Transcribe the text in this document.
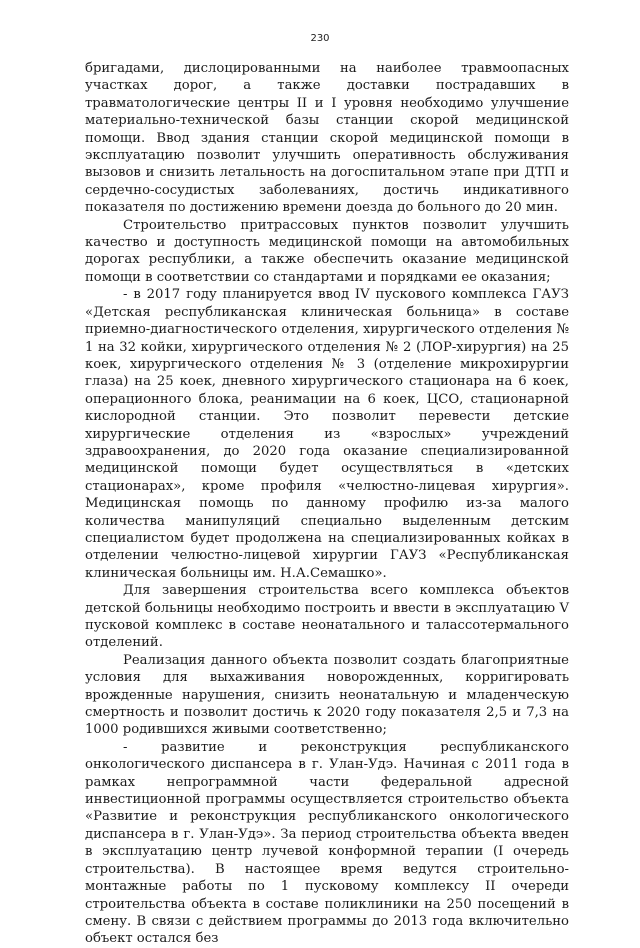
230

бригадами, дислоцированными на наиболее травмоопасных участках дорог, а также доставки пострадавших в травматологические центры II и I уровня необходимо улучшение материально-технической базы станции скорой медицинской помощи. Ввод здания станции скорой медицинской помощи в эксплуатацию позволит улучшить оперативность обслуживания вызовов и снизить летальность на догоспитальном этапе при ДТП и сердечно-сосудистых заболеваниях, достичь индикативного показателя по достижению времени доезда до больного до 20 мин.

Строительство притрассовых пунктов позволит улучшить качество и доступность медицинской помощи на автомобильных дорогах республики, а также обеспечить оказание медицинской помощи в соответствии со стандартами и порядками ее оказания;

- в 2017 году планируется ввод IV пускового комплекса ГАУЗ «Детская республиканская клиническая больница» в составе приемно-диагностического отделения, хирургического отделения № 1 на 32 койки, хирургического отделения № 2 (ЛОР-хирургия) на 25 коек, хирургического отделения № 3 (отделение микрохирургии глаза) на 25 коек, дневного хирургического стационара на 6 коек, операционного блока, реанимации на 6 коек, ЦСО, стационарной кислородной станции. Это позволит перевести детские хирургические отделения из «взрослых» учреждений здравоохранения, до 2020 года оказание специализированной медицинской помощи будет осуществляться в «детских стационарах», кроме профиля «челюстно-лицевая хирургия». Медицинская помощь по данному профилю из-за малого количества манипуляций специально выделенным детским специалистом будет продолжена на специализированных койках в отделении челюстно-лицевой хирургии ГАУЗ «Республиканская клиническая больницы им. Н.А.Семашко».

Для завершения строительства всего комплекса объектов детской больницы необходимо построить и ввести в эксплуатацию V пусковой комплекс в составе неонатального и талассотермального отделений.

Реализация данного объекта позволит создать благоприятные условия для выхаживания новорожденных, корригировать врожденные нарушения, снизить неонатальную и младенческую смертность и позволит достичь к 2020 году показателя 2,5 и 7,3 на 1000 родившихся живыми соответственно;

- развитие и реконструкция республиканского онкологического диспансера в г. Улан-Удэ. Начиная с 2011 года в рамках непрограммной части федеральной адресной инвестиционной программы осуществляется строительство объекта «Развитие и реконструкция республиканского онкологического диспансера в г. Улан-Удэ». За период строительства объекта введен в эксплуатацию центр лучевой конформной терапии (I очередь строительства). В настоящее время ведутся строительно-монтажные работы по 1 пусковому комплексу II очереди строительства объекта в составе поликлиники на 250 посещений в смену. В связи с действием программы до 2013 года включительно объект остался без
